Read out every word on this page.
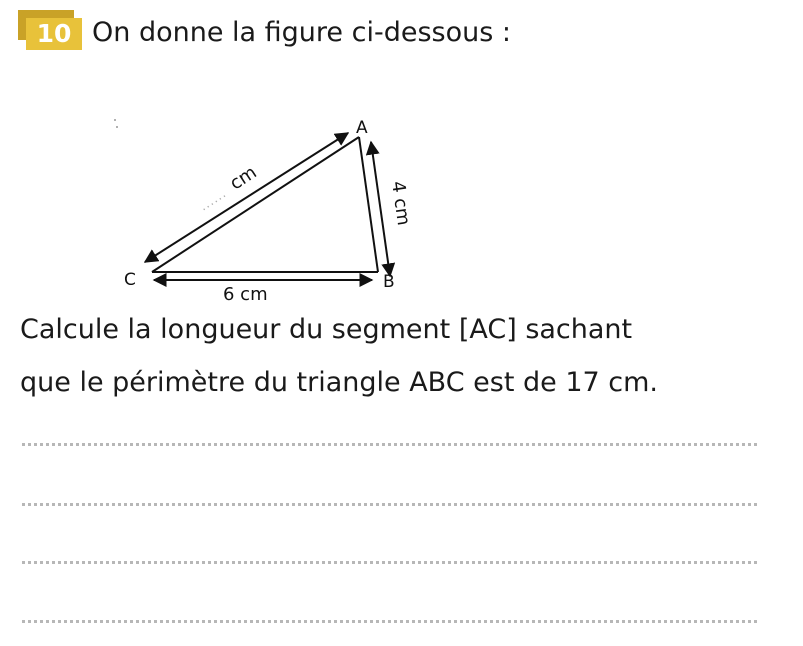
10 On donne la figure ci-dessous :
A
B
C
4 cm
6 cm
......
cm
Calcule la longueur du segment [AC] sachant
que le périmètre du triangle ABC est de 17 cm.
